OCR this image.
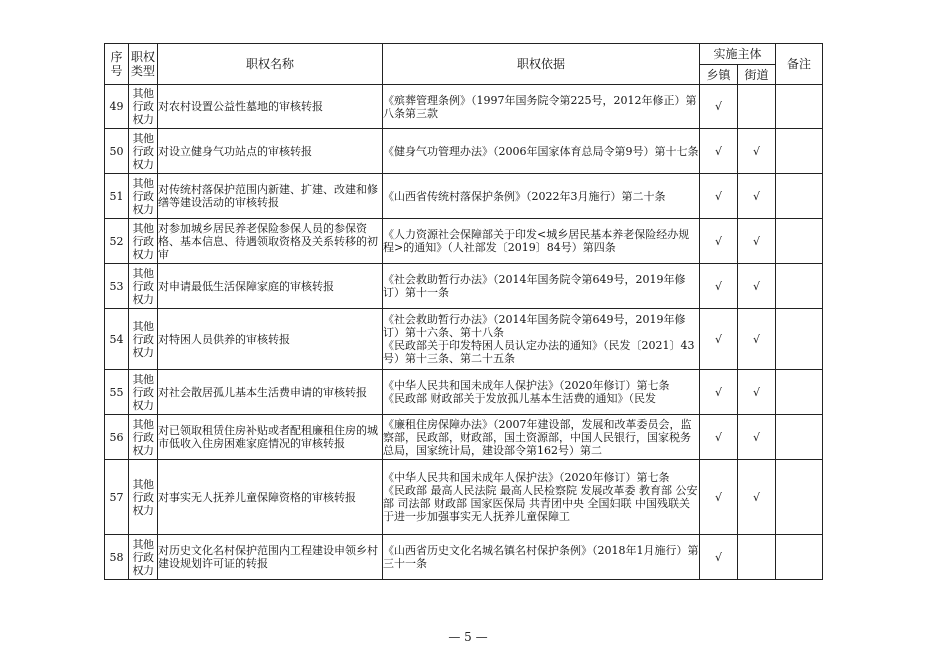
序号	职权类型	职权名称	职权依据	实施主体		备注
				乡镇	街道	

49	其他行政权力	对农村设置公益性墓地的审核转报	《殡葬管理条例》（1997年国务院令第225号，2012年修正）第八条第三款	√		

50	其他行政权力	对设立健身气功站点的审核转报	《健身气功管理办法》（2006年国家体育总局令第9号）第十七条	√	√	

51	其他行政权力	对传统村落保护范围内新建、扩建、改建和修缮等建设活动的审核转报	《山西省传统村落保护条例》（2022年3月施行）第二十条	√	√	

52	其他行政权力	对参加城乡居民养老保险参保人员的参保资格、基本信息、待遇领取资格及关系转移的初审	《人力资源社会保障部关于印发<城乡居民基本养老保险经办规程>的通知》（人社部发〔2019〕84号）第四条	√	√	

53	其他行政权力	对申请最低生活保障家庭的审核转报	《社会救助暂行办法》（2014年国务院令第649号，2019年修订）第十一条	√	√	

54	其他行政权力	对特困人员供养的审核转报	《社会救助暂行办法》（2014年国务院令第649号，2019年修订）第十六条、第十八条
《民政部关于印发特困人员认定办法的通知》（民发〔2021〕43号）第十三条、第二十五条	√	√	

55	其他行政权力	对社会散居孤儿基本生活费申请的审核转报	《中华人民共和国未成年人保护法》（2020年修订）第七条
《民政部 财政部关于发放孤儿基本生活费的通知》（民发	√	√	

56	其他行政权力	对已领取租赁住房补贴或者配租廉租住房的城市低收入住房困难家庭情况的审核转报	《廉租住房保障办法》（2007年建设部，发展和改革委员会，监察部，民政部，财政部，国土资源部，中国人民银行，国家税务总局，国家统计局，建设部令第162号）第二	√	√	

57	其他行政权力	对事实无人抚养儿童保障资格的审核转报	《中华人民共和国未成年人保护法》（2020年修订）第七条
《民政部 最高人民法院 最高人民检察院 发展改革委 教育部 公安部 司法部 财政部 国家医保局 共青团中央 全国妇联 中国残联关于进一步加强事实无人抚养儿童保障工	√	√	

58	其他行政权力	对历史文化名村保护范围内工程建设申领乡村建设规划许可证的转报	《山西省历史文化名城名镇名村保护条例》（2018年1月施行）第三十一条	√		

— 5 —
